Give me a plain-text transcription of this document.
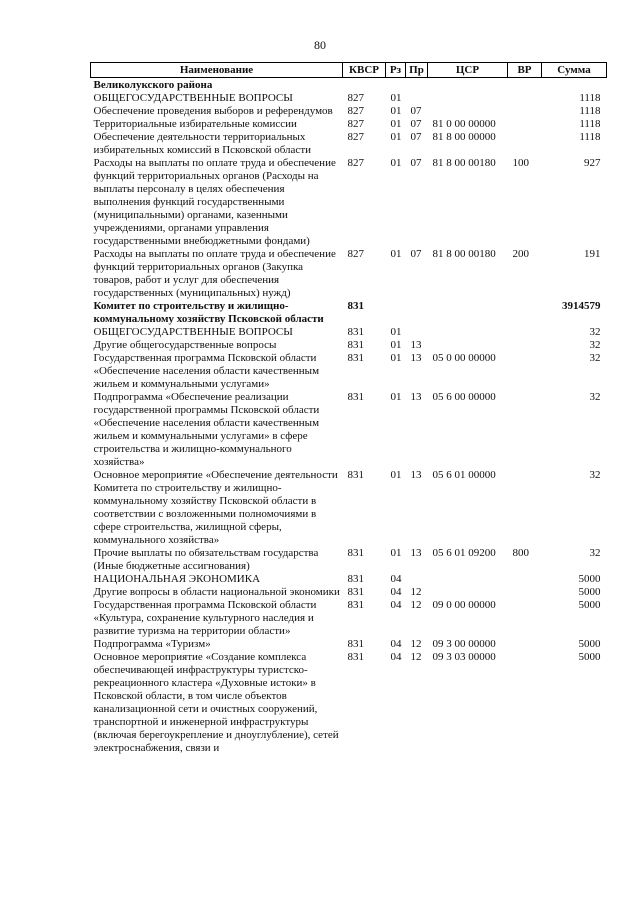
80
Наименование	КВСР	Рз	Пр	ЦСР	ВР	Сумма
Великолукского района						
ОБЩЕГОСУДАРСТВЕННЫЕ ВОПРОСЫ	827	01				1118
Обеспечение проведения выборов и референдумов	827	01	07			1118
Территориальные избирательные комиссии	827	01	07	81 0 00 00000		1118
Обеспечение деятельности территориальных избирательных комиссий в Псковской области	827	01	07	81 8 00 00000		1118
Расходы на выплаты по оплате труда и обеспечение функций территориальных органов (Расходы на выплаты персоналу в целях обеспечения выполнения функций государственными (муниципальными) органами, казенными учреждениями, органами управления государственными внебюджетными фондами)	827	01	07	81 8 00 00180	100	927
Расходы на выплаты по оплате труда и обеспечение функций территориальных органов (Закупка товаров, работ и услуг для обеспечения государственных (муниципальных) нужд)	827	01	07	81 8 00 00180	200	191
Комитет по строительству и жилищно-коммунальному хозяйству Псковской области	831					3914579
ОБЩЕГОСУДАРСТВЕННЫЕ ВОПРОСЫ	831	01				32
Другие общегосударственные вопросы	831	01	13			32
Государственная программа Псковской области «Обеспечение населения области качественным жильем и коммунальными услугами»	831	01	13	05 0 00 00000		32
Подпрограмма «Обеспечение реализации государственной программы Псковской области «Обеспечение населения области качественным жильем и коммунальными услугами» в сфере строительства и жилищно-коммунального хозяйства»	831	01	13	05 6 00 00000		32
Основное мероприятие «Обеспечение деятельности Комитета по строительству и жилищно-коммунальному хозяйству Псковской области в соответствии с возложенными полномочиями в сфере строительства, жилищной сферы, коммунального хозяйства»	831	01	13	05 6 01 00000		32
Прочие выплаты по обязательствам государства (Иные бюджетные ассигнования)	831	01	13	05 6 01 09200	800	32
НАЦИОНАЛЬНАЯ ЭКОНОМИКА	831	04				5000
Другие вопросы в области национальной экономики	831	04	12			5000
Государственная программа Псковской области «Культура, сохранение культурного наследия и развитие туризма на территории области»	831	04	12	09 0 00 00000		5000
Подпрограмма «Туризм»	831	04	12	09 3 00 00000		5000
Основное мероприятие «Создание комплекса обеспечивающей инфраструктуры туристско-рекреационного кластера «Духовные истоки» в Псковской области, в том числе объектов канализационной сети и очистных сооружений, транспортной и инженерной инфраструктуры (включая берегоукрепление и дноуглубление), сетей электроснабжения, связи и	831	04	12	09 3 03 00000		5000
